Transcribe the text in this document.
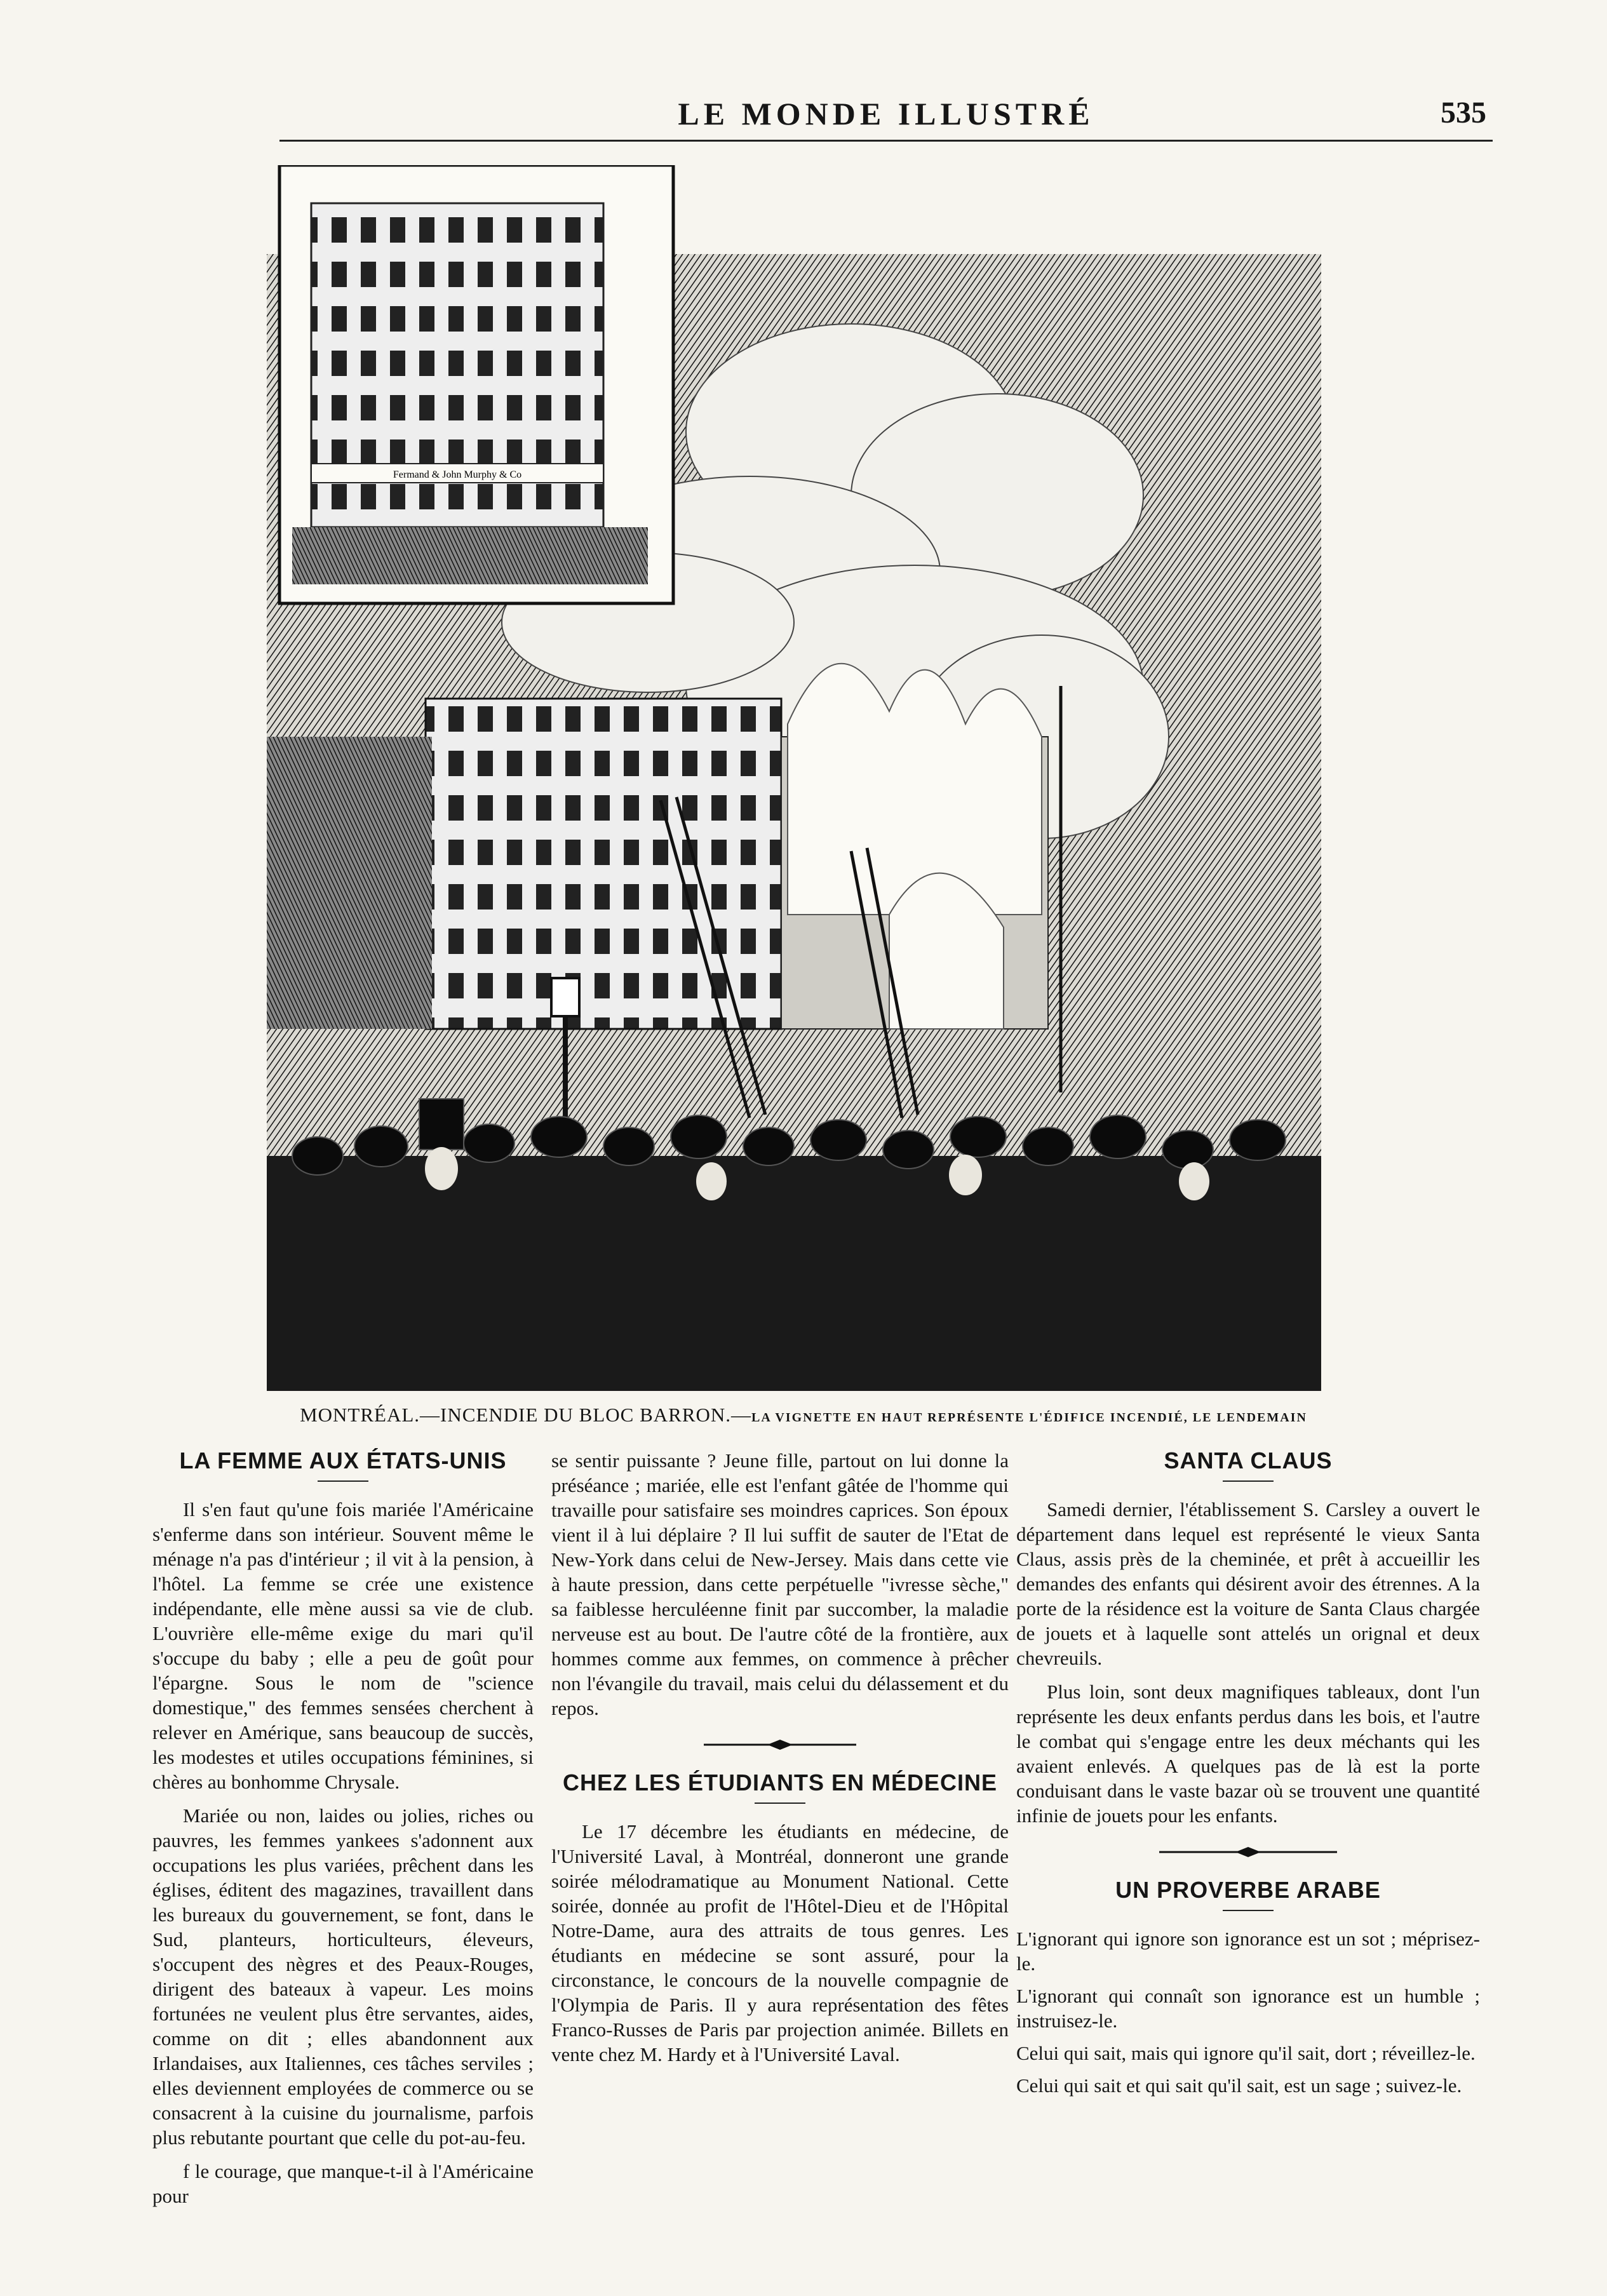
LE MONDE ILLUSTRÉ	535
Fermand & John Murphy & Co
MONTRÉAL.—INCENDIE DU BLOC BARRON.—LA VIGNETTE EN HAUT REPRÉSENTE L'ÉDIFICE INCENDIÉ, LE LENDEMAIN
LA FEMME AUX ÉTATS-UNIS

Il s'en faut qu'une fois mariée l'Américaine s'enferme dans son intérieur. Souvent même le ménage n'a pas d'intérieur ; il vit à la pension, à l'hôtel. La femme se crée une existence indépendante, elle mène aussi sa vie de club. L'ouvrière elle-même exige du mari qu'il s'occupe du baby ; elle a peu de goût pour l'épargne. Sous le nom de "science domestique," des femmes sensées cherchent à relever en Amérique, sans beaucoup de succès, les modestes et utiles occupations féminines, si chères au bonhomme Chrysale.

Mariée ou non, laides ou jolies, riches ou pauvres, les femmes yankees s'adonnent aux occupations les plus variées, prêchent dans les églises, éditent des magazines, travaillent dans les bureaux du gouvernement, se font, dans le Sud, planteurs, horticulteurs, éleveurs, s'occupent des nègres et des Peaux-Rouges, dirigent des bateaux à vapeur. Les moins fortunées ne veulent plus être servantes, aides, comme on dit ; elles abandonnent aux Irlandaises, aux Italiennes, ces tâches serviles ; elles deviennent employées de commerce ou se consacrent à la cuisine du journalisme, parfois plus rebutante pourtant que celle du pot-au-feu.

f le courage, que manque-t-il à l'Américaine pour

se sentir puissante ? Jeune fille, partout on lui donne la préséance ; mariée, elle est l'enfant gâtée de l'homme qui travaille pour satisfaire ses moindres caprices. Son époux vient il à lui déplaire ? Il lui suffit de sauter de l'Etat de New-York dans celui de New-Jersey. Mais dans cette vie à haute pression, dans cette perpétuelle "ivresse sèche," sa faiblesse herculéenne finit par succomber, la maladie nerveuse est au bout. De l'autre côté de la frontière, aux hommes comme aux femmes, on commence à prêcher non l'évangile du travail, mais celui du délassement et du repos.

CHEZ LES ÉTUDIANTS EN MÉDECINE

Le 17 décembre les étudiants en médecine, de l'Université Laval, à Montréal, donneront une grande soirée mélodramatique au Monument National. Cette soirée, donnée au profit de l'Hôtel-Dieu et de l'Hôpital Notre-Dame, aura des attraits de tous genres. Les étudiants en médecine se sont assuré, pour la circonstance, le concours de la nouvelle compagnie de l'Olympia de Paris. Il y aura représentation des fêtes Franco-Russes de Paris par projection animée. Billets en vente chez M. Hardy et à l'Université Laval.

SANTA CLAUS

Samedi dernier, l'établissement S. Carsley a ouvert le département dans lequel est représenté le vieux Santa Claus, assis près de la cheminée, et prêt à accueillir les demandes des enfants qui désirent avoir des étrennes. A la porte de la résidence est la voiture de Santa Claus chargée de jouets et à laquelle sont attelés un orignal et deux chevreuils.

Plus loin, sont deux magnifiques tableaux, dont l'un représente les deux enfants perdus dans les bois, et l'autre le combat qui s'engage entre les deux méchants qui les avaient enlevés. A quelques pas de là est la porte conduisant dans le vaste bazar où se trouvent une quantité infinie de jouets pour les enfants.

UN PROVERBE ARABE

L'ignorant qui ignore son ignorance est un sot ; méprisez-le.

L'ignorant qui connaît son ignorance est un humble ; instruisez-le.

Celui qui sait, mais qui ignore qu'il sait, dort ; réveillez-le.

Celui qui sait et qui sait qu'il sait, est un sage ; suivez-le.
